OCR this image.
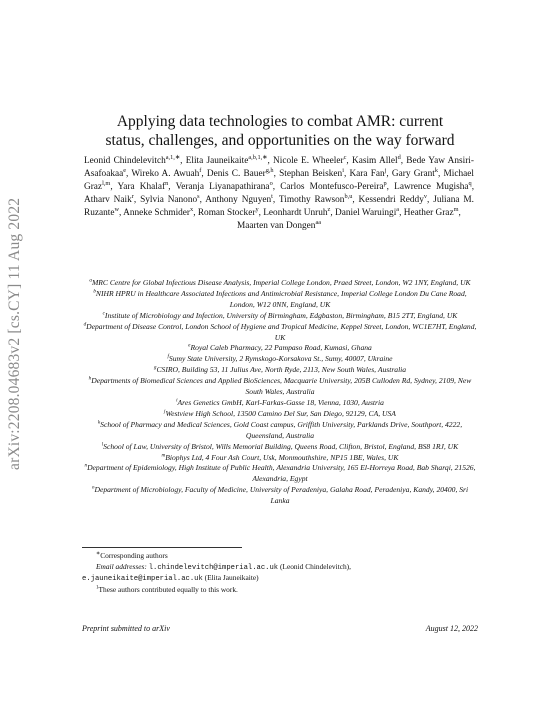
arXiv:2208.04683v2 [cs.CY] 11 Aug 2022
Applying data technologies to combat AMR: current
status, challenges, and opportunities on the way forward
Leonid Chindelevitch$^{a,1,∗}$, Elita Jauneikaite$^{a,b,1,∗}$, Nicole E. Wheeler$^c$, Kasim Allel$^d$, Bede Yaw Ansiri-Asafoakaa$^e$, Wireko A. Awuah$^f$, Denis C. Bauer$^{g,h}$, Stephan Beisken$^i$, Kara Fan$^j$, Gary Grant$^k$, Michael Graz$^{l,m}$, Yara Khalaf$^n$, Veranja Liyanapathirana$^o$, Carlos Montefusco-Pereira$^p$, Lawrence Mugisha$^q$, Atharv Naik$^r$, Sylvia Nanono$^s$, Anthony Nguyen$^t$, Timothy Rawson$^{b,u}$, Kessendri Reddy$^v$, Juliana M. Ruzante$^w$, Anneke Schmider$^x$, Roman Stocker$^y$, Leonhardt Unruh$^z$, Daniel Waruingi$^a$, Heather Graz$^m$,
Maarten van Dongen$^{aa}$
$^a$MRC Centre for Global Infectious Disease Analysis, Imperial College London, Praed Street, London, W2 1NY, England, UK
$^b$NIHR HPRU in Healthcare Associated Infections and Antimicrobial Resistance, Imperial College London Du Cane Road, London, W12 0NN, England, UK
$^c$Institute of Microbiology and Infection, University of Birmingham, Edgbaston, Birmingham, B15 2TT, England, UK
$^d$Department of Disease Control, London School of Hygiene and Tropical Medicine, Keppel Street, London, WC1E7HT, England, UK
$^e$Royal Caleb Pharmacy, 22 Pampaso Road, Kumasi, Ghana
$^f$Sumy State University, 2 Rymskogo-Korsakova St., Sumy, 40007, Ukraine
$^g$CSIRO, Building 53, 11 Julius Ave, North Ryde, 2113, New South Wales, Australia
$^h$Departments of Biomedical Sciences and Applied BioSciences, Macquarie University, 205B Culloden Rd, Sydney, 2109, New South Wales, Australia
$^i$Ares Genetics GmbH, Karl-Farkas-Gasse 18, Vienna, 1030, Austria
$^j$Westview High School, 13500 Camino Del Sur, San Diego, 92129, CA, USA
$^k$School of Pharmacy and Medical Sciences, Gold Coast campus, Griffith University, Parklands Drive, Southport, 4222, Queensland, Australia
$^l$School of Law, University of Bristol, Wills Memorial Building, Queens Road, Clifton, Bristol, England, BS8 1RJ, UK
$^m$Biophys Ltd, 4 Four Ash Court, Usk, Monmouthshire, NP15 1BE, Wales, UK
$^n$Department of Epidemiology, High Institute of Public Health, Alexandria University, 165 El-Horreya Road, Bab Sharqi, 21526, Alexandria, Egypt
$^o$Department of Microbiology, Faculty of Medicine, University of Peradeniya, Galaha Road, Peradeniya, Kandy, 20400, Sri Lanka
∗Corresponding authors
Email addresses: l.chindelevitch@imperial.ac.uk (Leonid Chindelevitch),
e.jauneikaite@imperial.ac.uk (Elita Jauneikaite)
$^1$These authors contributed equally to this work.
Preprint submitted to arXiv	August 12, 2022
